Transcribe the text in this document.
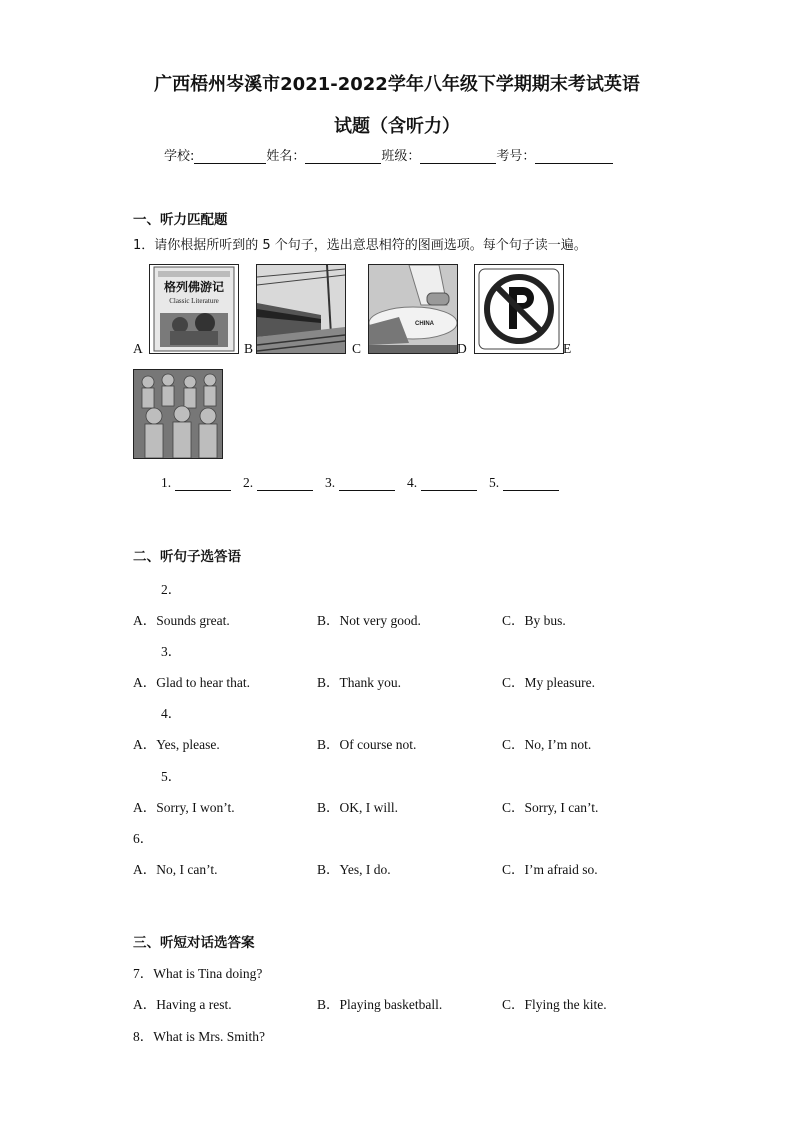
广西梧州岑溪市2021-2022学年八年级下学期期末考试英语
试题（含听力）
学校:	姓名：	班级：	考号：
一、听力匹配题
1．请你根据所听到的 5 个句子，选出意思相符的图画选项。每个句子读一遍。
格列佛游记
Classic Literature
A	B
CHINA
C	D	E
1.	2.	3.	4.	5.
二、听句子选答语
2．
A．Sounds great.	B．Not very good.	C．By bus.
3．
A．Glad to hear that.	B．Thank you.	C．My pleasure.
4．
A．Yes, please.	B．Of course not.	C．No, I’m not.
5．
A．Sorry, I won’t.	B．OK, I will.	C．Sorry, I can’t.
6．
A．No, I can’t.	B．Yes, I do.	C．I’m afraid so.
三、听短对话选答案
7．What is Tina doing?
A．Having a rest.	B．Playing basketball.	C．Flying the kite.
8．What is Mrs. Smith?
